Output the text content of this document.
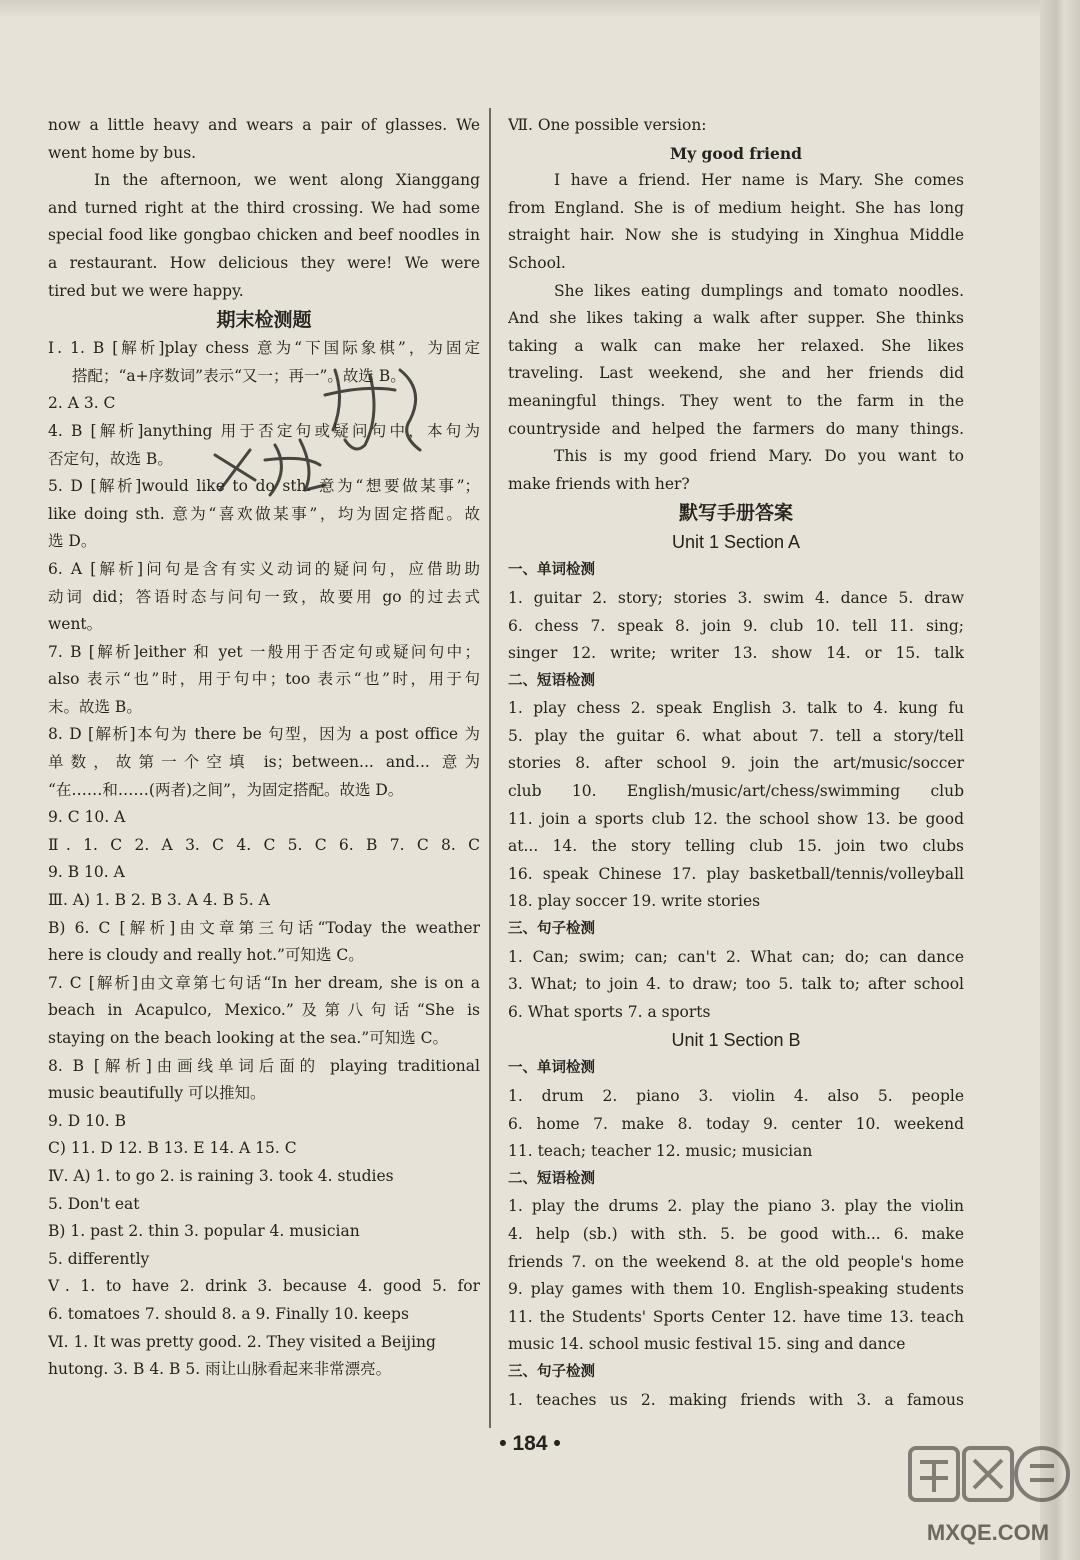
now a little heavy and wears a pair of glasses. We
went home by bus.
In the afternoon, we went along Xianggang
and turned right at the third crossing. We had some
special food like gongbao chicken and beef noodles in
a restaurant. How delicious they were! We were
tired but we were happy.
期末检测题
Ⅰ. 1. B [解析]play chess 意为“下国际象棋”，为固定
搭配；“a+序数词”表示“又一；再一”。故选 B。
2. A 3. C
4. B [解析]anything 用于否定句或疑问句中，本句为
否定句，故选 B。
5. D [解析]would like to do sth. 意为“想要做某事”；
like doing sth. 意为“喜欢做某事”，均为固定搭配。故
选 D。
6. A [解析]问句是含有实义动词的疑问句，应借助助
动词 did；答语时态与问句一致，故要用 go 的过去式
went。
7. B [解析]either 和 yet 一般用于否定句或疑问句中；
also 表示“也”时，用于句中；too 表示“也”时，用于句
末。故选 B。
8. D [解析]本句为 there be 句型，因为 a post office 为
单数，故第一个空填 is；between... and... 意为
“在……和……(两者)之间”，为固定搭配。故选 D。
9. C 10. A
Ⅱ. 1. C 2. A 3. C 4. C 5. C 6. B 7. C 8. C
9. B 10. A
Ⅲ. A) 1. B 2. B 3. A 4. B 5. A
B) 6. C [解析]由文章第三句话“Today the weather
here is cloudy and really hot.”可知选 C。
7. C [解析]由文章第七句话“In her dream, she is on a
beach in Acapulco, Mexico.”及第八句话“She is
staying on the beach looking at the sea.”可知选 C。
8. B [解析]由画线单词后面的 playing traditional
music beautifully 可以推知。
9. D 10. B
C) 11. D 12. B 13. E 14. A 15. C
Ⅳ. A) 1. to go 2. is raining 3. took 4. studies
5. Don't eat
B) 1. past 2. thin 3. popular 4. musician
5. differently
Ⅴ. 1. to have 2. drink 3. because 4. good 5. for
6. tomatoes 7. should 8. a 9. Finally 10. keeps
Ⅵ. 1. It was pretty good. 2. They visited a Beijing
hutong. 3. B 4. B 5. 雨让山脉看起来非常漂亮。
Ⅶ. One possible version:
My good friend
I have a friend. Her name is Mary. She comes
from England. She is of medium height. She has long
straight hair. Now she is studying in Xinghua Middle
School.
She likes eating dumplings and tomato noodles.
And she likes taking a walk after supper. She thinks
taking a walk can make her relaxed. She likes
traveling. Last weekend, she and her friends did
meaningful things. They went to the farm in the
countryside and helped the farmers do many things.
This is my good friend Mary. Do you want to
make friends with her?
默写手册答案
Unit 1 Section A
一、单词检测
1. guitar 2. story; stories 3. swim 4. dance 5. draw
6. chess 7. speak 8. join 9. club 10. tell 11. sing;
singer 12. write; writer 13. show 14. or 15. talk
二、短语检测
1. play chess 2. speak English 3. talk to 4. kung fu
5. play the guitar 6. what about 7. tell a story/tell
stories 8. after school 9. join the art/music/soccer
club 10. English/music/art/chess/swimming club
11. join a sports club 12. the school show 13. be good
at... 14. the story telling club 15. join two clubs
16. speak Chinese 17. play basketball/tennis/volleyball
18. play soccer 19. write stories
三、句子检测
1. Can; swim; can; can't 2. What can; do; can dance
3. What; to join 4. to draw; too 5. talk to; after school
6. What sports 7. a sports
Unit 1 Section B
一、单词检测
1. drum 2. piano 3. violin 4. also 5. people
6. home 7. make 8. today 9. center 10. weekend
11. teach; teacher 12. music; musician
二、短语检测
1. play the drums 2. play the piano 3. play the violin
4. help (sb.) with sth. 5. be good with... 6. make
friends 7. on the weekend 8. at the old people's home
9. play games with them 10. English-speaking students
11. the Students' Sports Center 12. have time 13. teach
music 14. school music festival 15. sing and dance
三、句子检测
1. teaches us 2. making friends with 3. a famous
• 184 •
MXQE.COM
